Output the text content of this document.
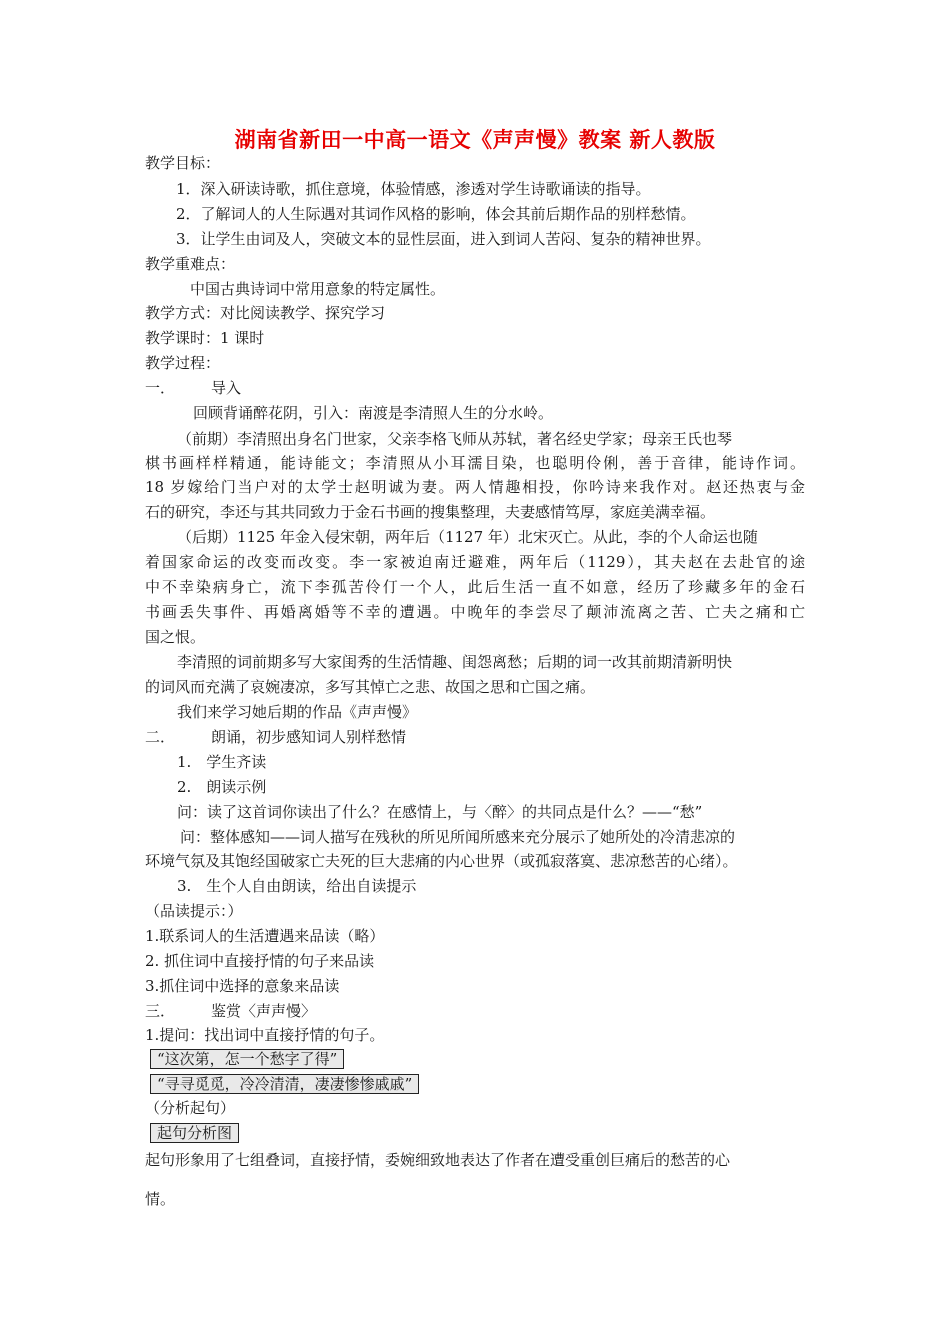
湖南省新田一中高一语文《声声慢》教案 新人教版
教学目标：
1．深入研读诗歌，抓住意境，体验情感，渗透对学生诗歌诵读的指导。
2．了解词人的人生际遇对其词作风格的影响，体会其前后期作品的别样愁情。
3．让学生由词及人，突破文本的显性层面，进入到词人苦闷、复杂的精神世界。
教学重难点：
中国古典诗词中常用意象的特定属性。
教学方式：对比阅读教学、探究学习
教学课时：1 课时
教学过程：
一． 导入
回顾背诵醉花阴，引入：南渡是李清照人生的分水岭。
（前期）李清照出身名门世家，父亲李格飞师从苏轼，著名经史学家；母亲王氏也琴
棋书画样样精通，能诗能文；李清照从小耳濡目染，也聪明伶俐，善于音律，能诗作词。
18 岁嫁给门当户对的太学士赵明诚为妻。两人情趣相投，你吟诗来我作对。赵还热衷与金
石的研究，李还与其共同致力于金石书画的搜集整理，夫妻感情笃厚，家庭美满幸福。
（后期）1125 年金入侵宋朝，两年后（1127 年）北宋灭亡。从此，李的个人命运也随
着国家命运的改变而改变。李一家被迫南迁避难，两年后（1129），其夫赵在去赴官的途
中不幸染病身亡，流下李孤苦伶仃一个人，此后生活一直不如意，经历了珍藏多年的金石
书画丢失事件、再婚离婚等不幸的遭遇。中晚年的李尝尽了颠沛流离之苦、亡夫之痛和亡
国之恨。
李清照的词前期多写大家闺秀的生活情趣、闺怨离愁；后期的词一改其前期清新明快
的词风而充满了哀婉凄凉，多写其悼亡之悲、故国之思和亡国之痛。
我们来学习她后期的作品《声声慢》
二． 朗诵，初步感知词人别样愁情
1.　学生齐读
2.　朗读示例
问：读了这首词你读出了什么？在感情上，与〈醉〉的共同点是什么？——“愁”
问：整体感知——词人描写在残秋的所见所闻所感来充分展示了她所处的冷清悲凉的
环境气氛及其饱经国破家亡夫死的巨大悲痛的内心世界（或孤寂落寞、悲凉愁苦的心绪）。
3.　生个人自由朗读，给出自读提示
（品读提示：）
1.联系词人的生活遭遇来品读（略）
2. 抓住词中直接抒情的句子来品读
3.抓住词中选择的意象来品读
三． 鉴赏〈声声慢〉
1.提问：找出词中直接抒情的句子。
“这次第，怎一个愁字了得”
“寻寻觅觅，冷冷清清，凄凄惨惨戚戚”
（分析起句）
起句分析图
起句形象用了七组叠词，直接抒情，委婉细致地表达了作者在遭受重创巨痛后的愁苦的心
情。
